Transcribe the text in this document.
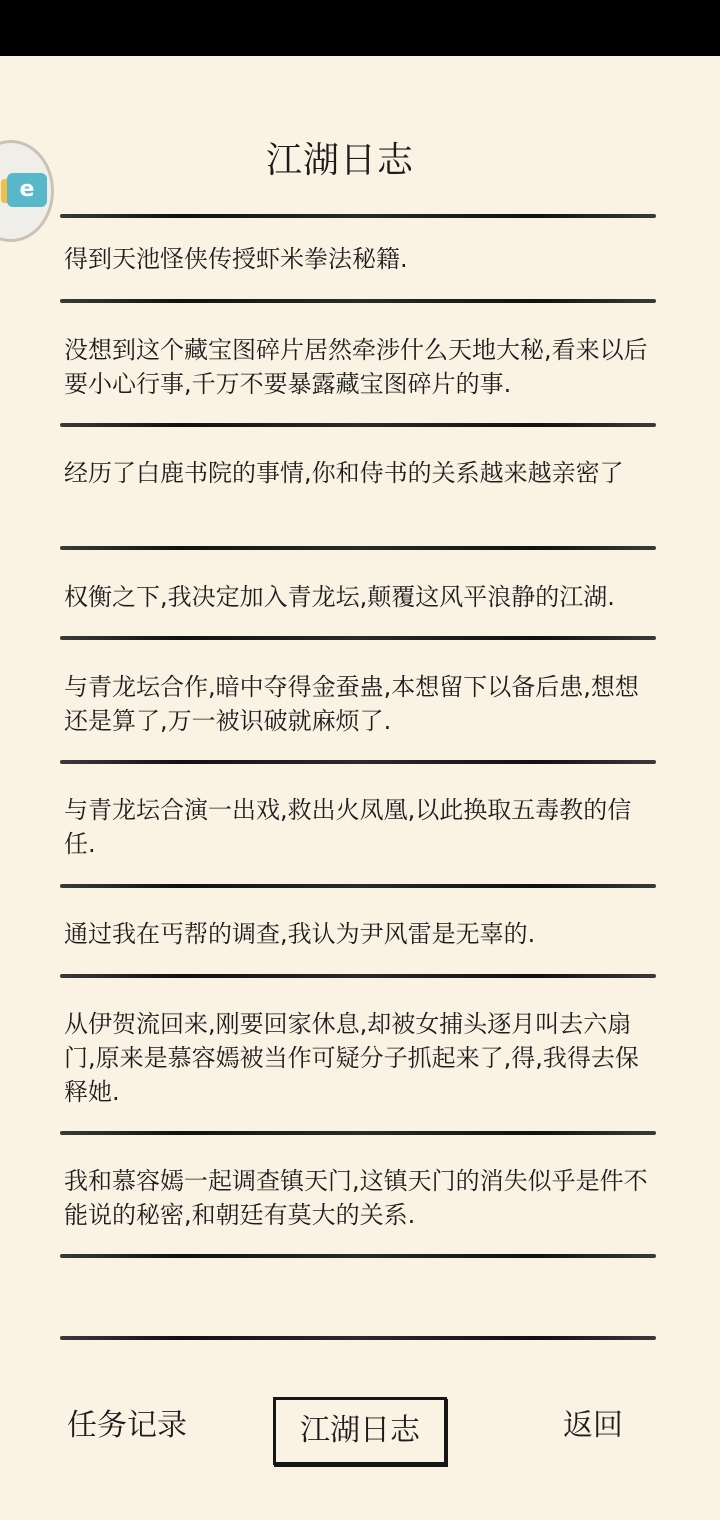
e
江湖日志
得到天池怪侠传授虾米拳法秘籍.
没想到这个藏宝图碎片居然牵涉什么天地大秘,看来以后要小心行事,千万不要暴露藏宝图碎片的事.
经历了白鹿书院的事情,你和侍书的关系越来越亲密了
权衡之下,我决定加入青龙坛,颠覆这风平浪静的江湖.
与青龙坛合作,暗中夺得金蚕蛊,本想留下以备后患,想想还是算了,万一被识破就麻烦了.
与青龙坛合演一出戏,救出火凤凰,以此换取五毒教的信任.
通过我在丐帮的调查,我认为尹风雷是无辜的.
从伊贺流回来,刚要回家休息,却被女捕头逐月叫去六扇门,原来是慕容嫣被当作可疑分子抓起来了,得,我得去保释她.
我和慕容嫣一起调查镇天门,这镇天门的消失似乎是件不能说的秘密,和朝廷有莫大的关系.
任务记录	江湖日志	返回
